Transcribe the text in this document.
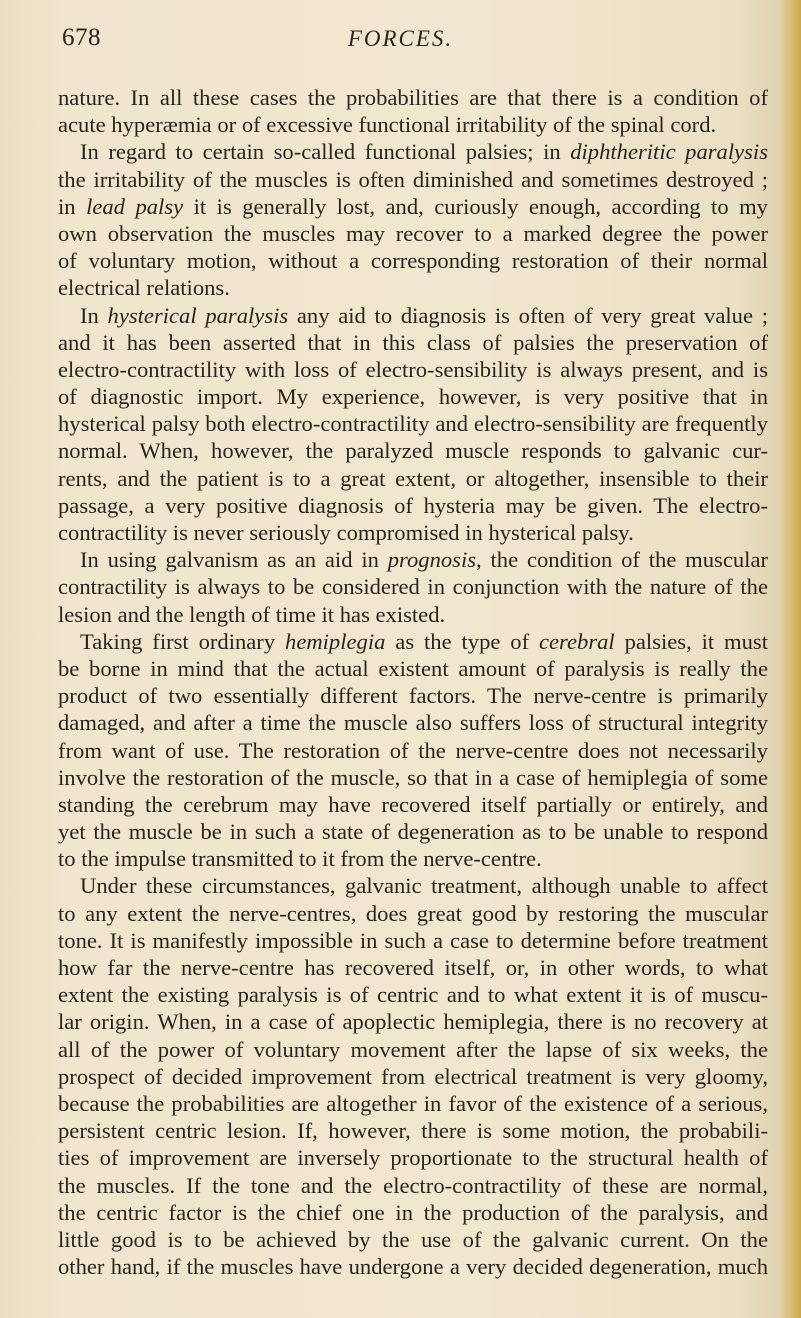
678	FORCES.
nature. In all these cases the probabilities are that there is a condition of
acute hyperæmia or of excessive functional irritability of the spinal cord.
In regard to certain so-called functional palsies; in diphtheritic paralysis
the irritability of the muscles is often diminished and sometimes destroyed ;
in lead palsy it is generally lost, and, curiously enough, according to my
own observation the muscles may recover to a marked degree the power
of voluntary motion, without a corresponding restoration of their normal
electrical relations.
In hysterical paralysis any aid to diagnosis is often of very great value ;
and it has been asserted that in this class of palsies the preservation of
electro-contractility with loss of electro-sensibility is always present, and is
of diagnostic import. My experience, however, is very positive that in
hysterical palsy both electro-contractility and electro-sensibility are frequently
normal. When, however, the paralyzed muscle responds to galvanic cur-
rents, and the patient is to a great extent, or altogether, insensible to their
passage, a very positive diagnosis of hysteria may be given. The electro-
contractility is never seriously compromised in hysterical palsy.
In using galvanism as an aid in prognosis, the condition of the muscular
contractility is always to be considered in conjunction with the nature of the
lesion and the length of time it has existed.
Taking first ordinary hemiplegia as the type of cerebral palsies, it must
be borne in mind that the actual existent amount of paralysis is really the
product of two essentially different factors. The nerve-centre is primarily
damaged, and after a time the muscle also suffers loss of structural integrity
from want of use. The restoration of the nerve-centre does not necessarily
involve the restoration of the muscle, so that in a case of hemiplegia of some
standing the cerebrum may have recovered itself partially or entirely, and
yet the muscle be in such a state of degeneration as to be unable to respond
to the impulse transmitted to it from the nerve-centre.
Under these circumstances, galvanic treatment, although unable to affect
to any extent the nerve-centres, does great good by restoring the muscular
tone. It is manifestly impossible in such a case to determine before treatment
how far the nerve-centre has recovered itself, or, in other words, to what
extent the existing paralysis is of centric and to what extent it is of muscu-
lar origin. When, in a case of apoplectic hemiplegia, there is no recovery at
all of the power of voluntary movement after the lapse of six weeks, the
prospect of decided improvement from electrical treatment is very gloomy,
because the probabilities are altogether in favor of the existence of a serious,
persistent centric lesion. If, however, there is some motion, the probabili-
ties of improvement are inversely proportionate to the structural health of
the muscles. If the tone and the electro-contractility of these are normal,
the centric factor is the chief one in the production of the paralysis, and
little good is to be achieved by the use of the galvanic current. On the
other hand, if the muscles have undergone a very decided degeneration, much
